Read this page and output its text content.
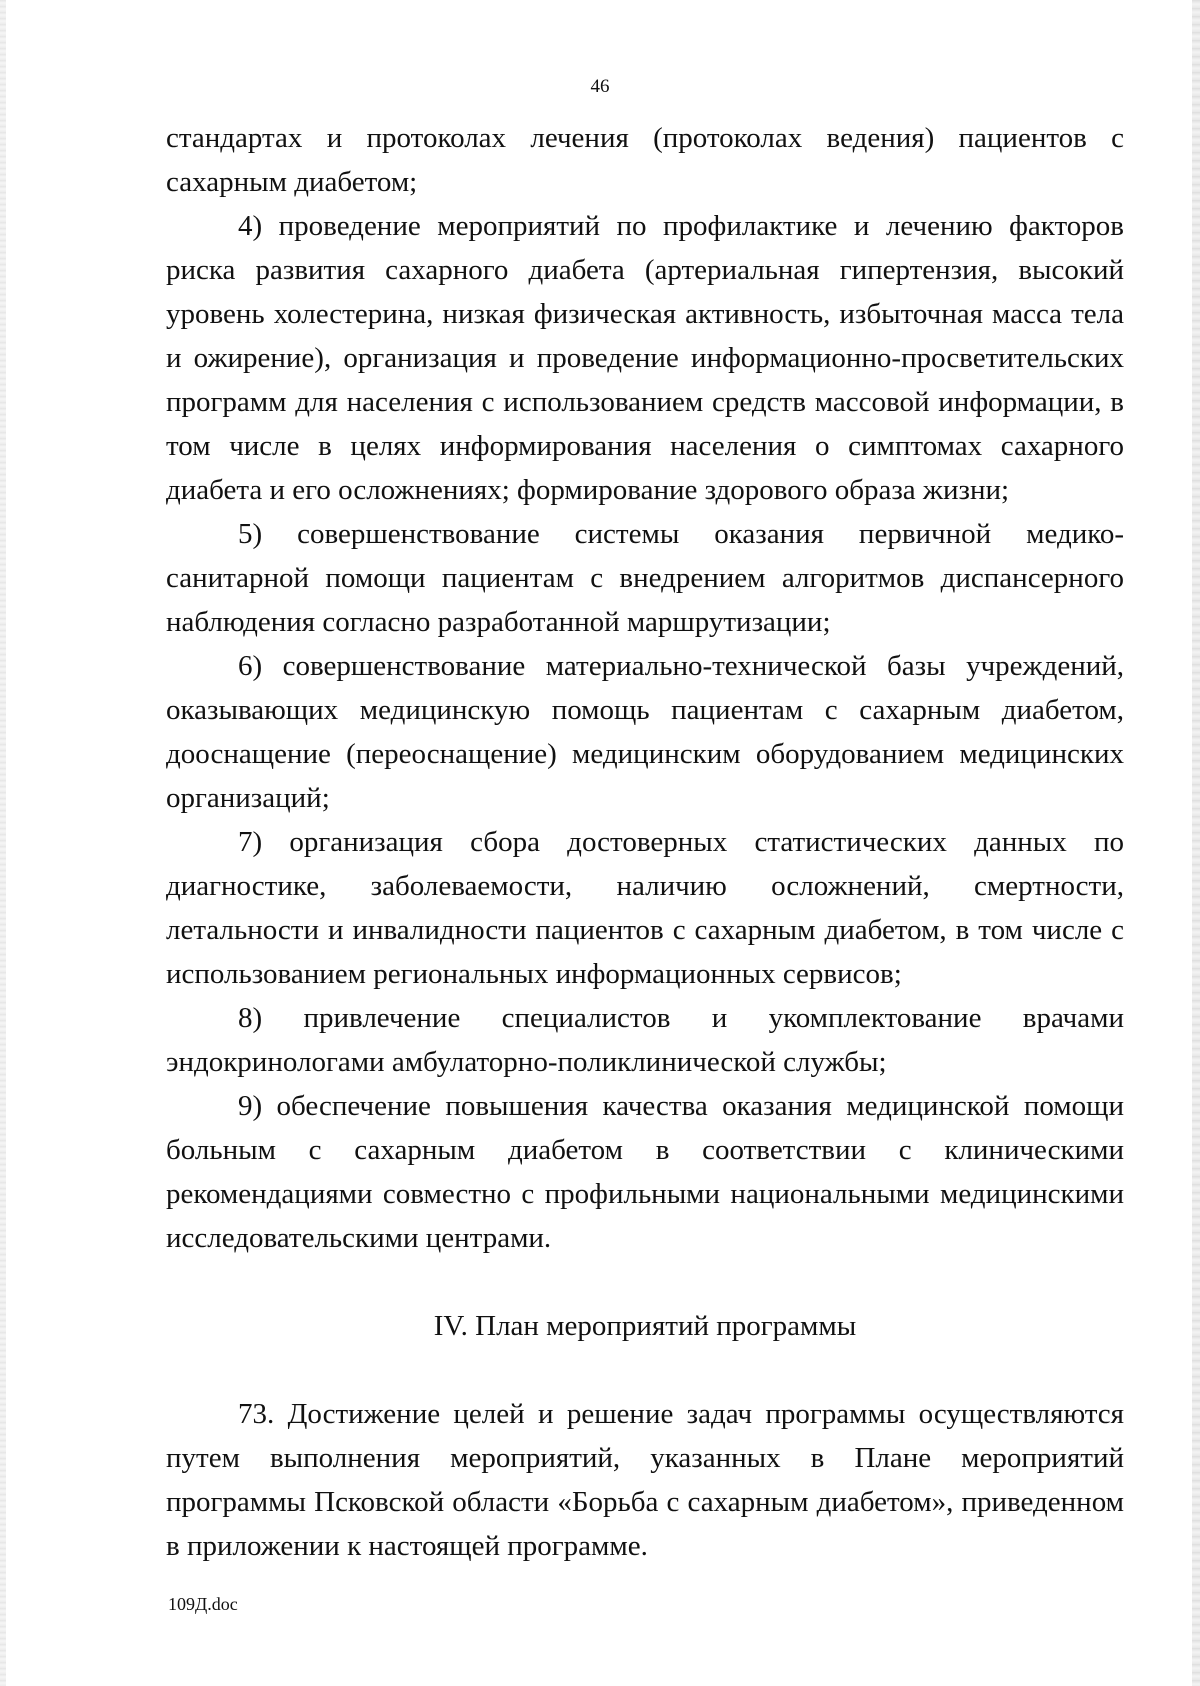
46

стандартах и протоколах лечения (протоколах ведения) пациентов с сахарным диабетом;

4) проведение мероприятий по профилактике и лечению факторов риска развития сахарного диабета (артериальная гипертензия, высокий уровень холестерина, низкая физическая активность, избыточная масса тела и ожирение), организация и проведение информационно-просветительских программ для населения с использованием средств массовой информации, в том числе в целях информирования населения о симптомах сахарного диабета и его осложнениях; формирование здорового образа жизни;

5) совершенствование системы оказания первичной медико-санитарной помощи пациентам с внедрением алгоритмов диспансерного наблюдения согласно разработанной маршрутизации;

6) совершенствование материально-технической базы учреждений, оказывающих медицинскую помощь пациентам с сахарным диабетом, дооснащение (переоснащение) медицинским оборудованием медицинских организаций;

7) организация сбора достоверных статистических данных по диагностике, заболеваемости, наличию осложнений, смертности, летальности и инвалидности пациентов с сахарным диабетом, в том числе с использованием региональных информационных сервисов;

8) привлечение специалистов и укомплектование врачами эндокринологами амбулаторно-поликлинической службы;

9) обеспечение повышения качества оказания медицинской помощи больным с сахарным диабетом в соответствии с клиническими рекомендациями совместно с профильными национальными медицинскими исследовательскими центрами.

IV. План мероприятий программы

73. Достижение целей и решение задач программы осуществляются путем выполнения мероприятий, указанных в Плане мероприятий программы Псковской области «Борьба с сахарным диабетом», приведенном в приложении к настоящей программе.

109Д.doc
